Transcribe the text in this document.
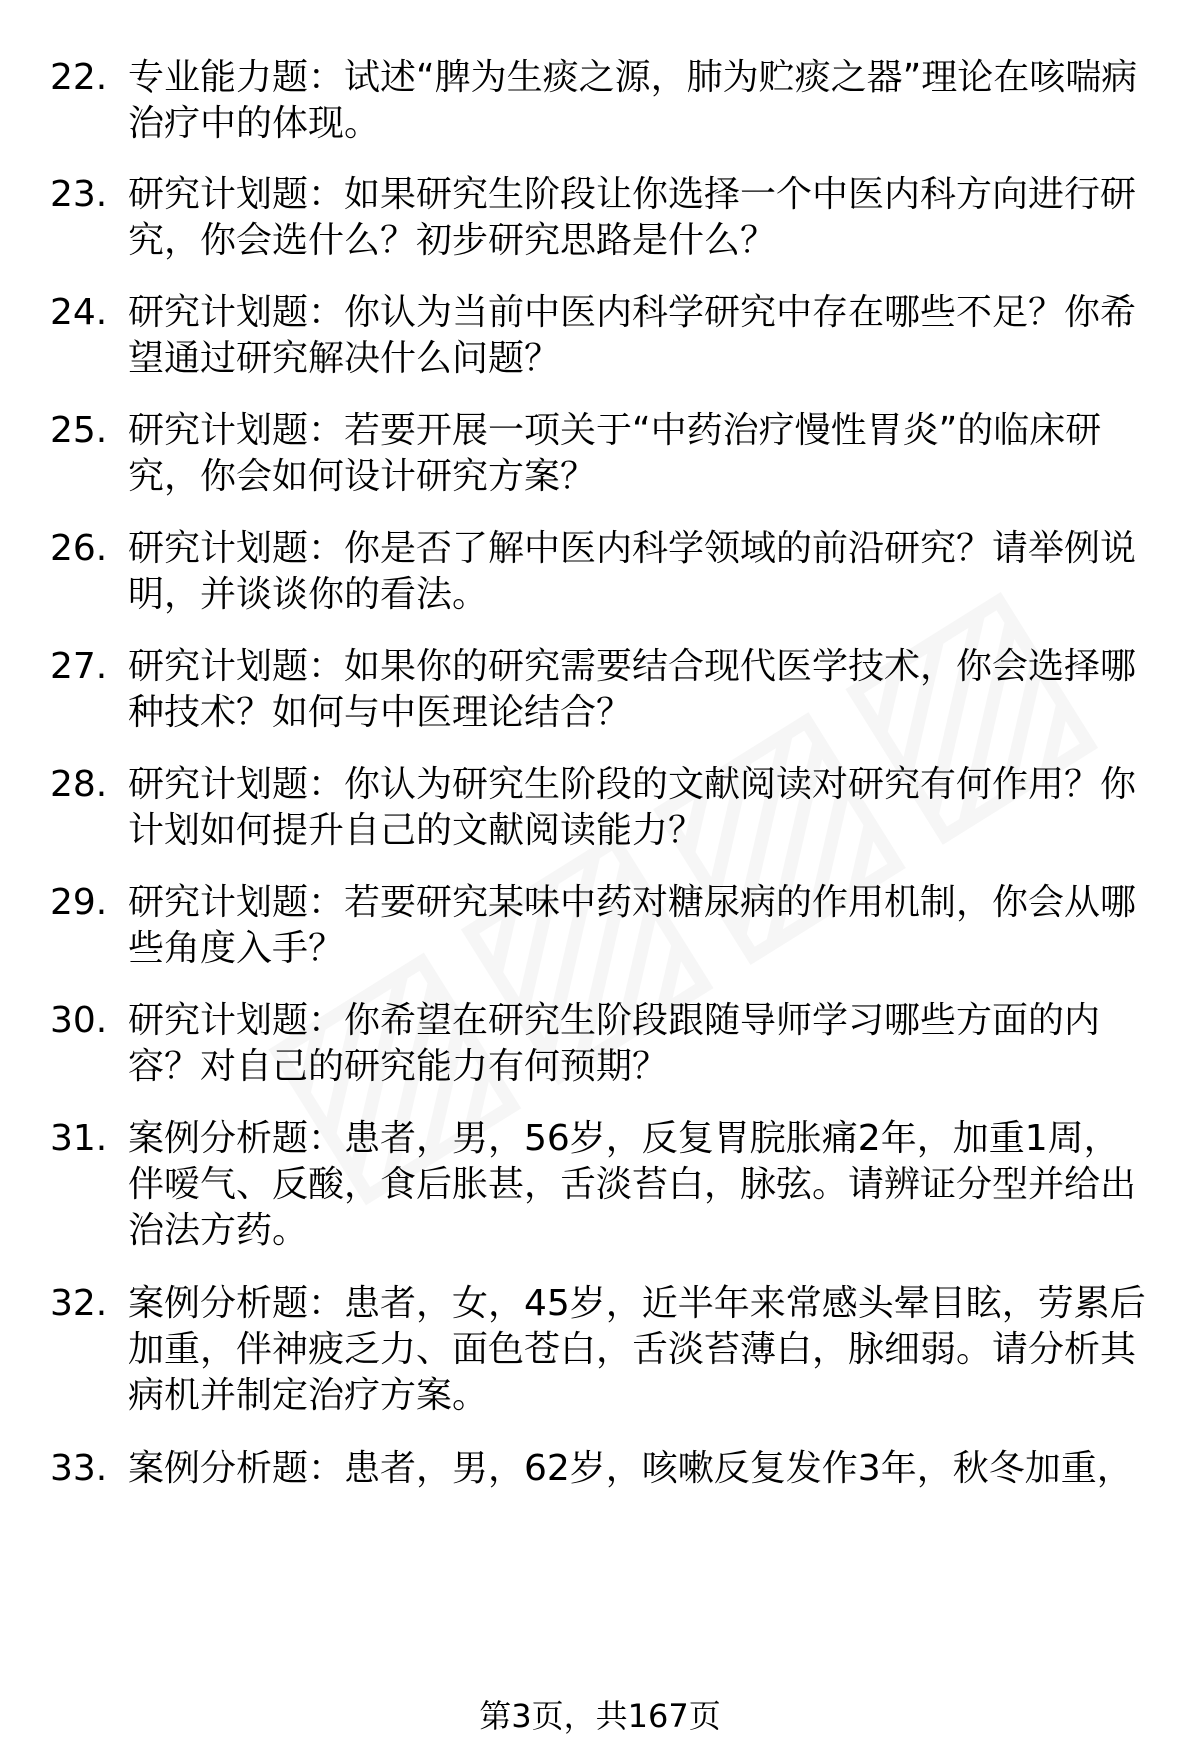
22. 专业能力题：试述“脾为生痰之源，肺为贮痰之器”理论在咳喘病治疗中的体现。
23. 研究计划题：如果研究生阶段让你选择一个中医内科方向进行研究，你会选什么？初步研究思路是什么？
24. 研究计划题：你认为当前中医内科学研究中存在哪些不足？你希望通过研究解决什么问题？
25. 研究计划题：若要开展一项关于“中药治疗慢性胃炎”的临床研究，你会如何设计研究方案？
26. 研究计划题：你是否了解中医内科学领域的前沿研究？请举例说明，并谈谈你的看法。
27. 研究计划题：如果你的研究需要结合现代医学技术，你会选择哪种技术？如何与中医理论结合？
28. 研究计划题：你认为研究生阶段的文献阅读对研究有何作用？你计划如何提升自己的文献阅读能力？
29. 研究计划题：若要研究某味中药对糖尿病的作用机制，你会从哪些角度入手？
30. 研究计划题：你希望在研究生阶段跟随导师学习哪些方面的内容？对自己的研究能力有何预期？
31. 案例分析题：患者，男，56岁，反复胃脘胀痛2年，加重1周，伴嗳气、反酸，食后胀甚，舌淡苔白，脉弦。请辨证分型并给出治法方药。
32. 案例分析题：患者，女，45岁，近半年来常感头晕目眩，劳累后加重，伴神疲乏力、面色苍白，舌淡苔薄白，脉细弱。请分析其病机并制定治疗方案。
33. 案例分析题：患者，男，62岁，咳嗽反复发作3年，秋冬加重，
第3页，共167页
